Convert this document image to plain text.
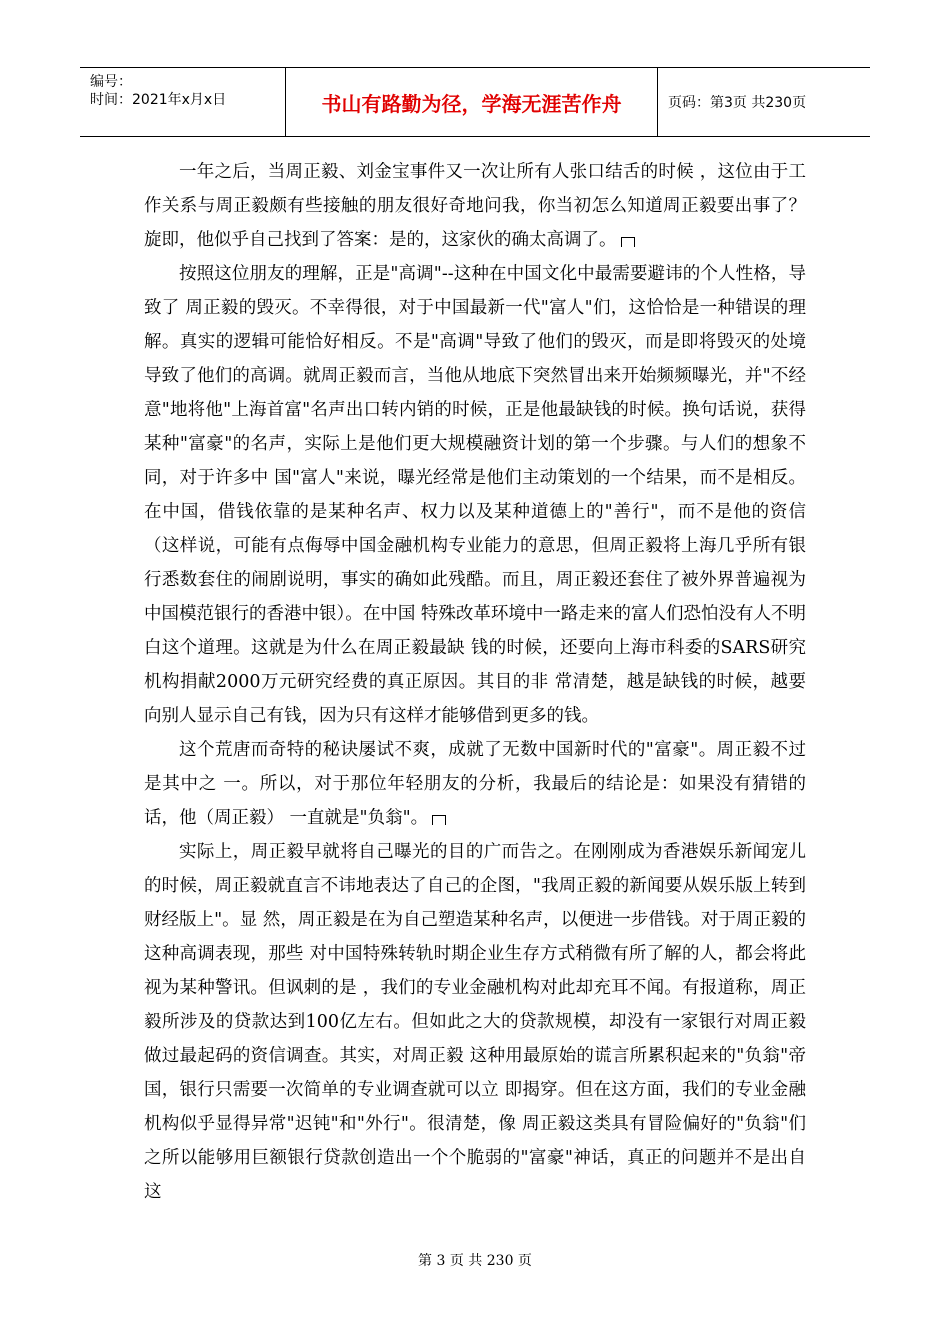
编号：
时间：2021年x月x日	书山有路勤为径，学海无涯苦作舟	页码：第3页 共230页

一年之后，当周正毅、刘金宝事件又一次让所有人张口结舌的时候 ，这位由于工作关系与周正毅颇有些接触的朋友很好奇地问我，你当初怎么知道周正毅要出事了？旋即，他似乎自己找到了答案：是的，这家伙的确太高调了。

按照这位朋友的理解，正是"高调"--这种在中国文化中最需要避讳的个人性格，导致了 周正毅的毁灭。不幸得很，对于中国最新一代"富人"们，这恰恰是一种错误的理解。真实的逻辑可能恰好相反。不是"高调"导致了他们的毁灭，而是即将毁灭的处境导致了他们的高调。就周正毅而言，当他从地底下突然冒出来开始频频曝光，并"不经意"地将他"上海首富"名声出口转内销的时候，正是他最缺钱的时候。换句话说，获得某种"富豪"的名声，实际上是他们更大规模融资计划的第一个步骤。与人们的想象不同，对于许多中 国"富人"来说，曝光经常是他们主动策划的一个结果，而不是相反。在中国，借钱依靠的是某种名声、权力以及某种道德上的"善行"，而不是他的资信（这样说，可能有点侮辱中国金融机构专业能力的意思，但周正毅将上海几乎所有银行悉数套住的闹剧说明，事实的确如此残酷。而且，周正毅还套住了被外界普遍视为中国模范银行的香港中银）。在中国 特殊改革环境中一路走来的富人们恐怕没有人不明白这个道理。这就是为什么在周正毅最缺 钱的时候，还要向上海市科委的SARS研究机构捐献2000万元研究经费的真正原因。其目的非 常清楚，越是缺钱的时候，越要向别人显示自己有钱，因为只有这样才能够借到更多的钱。

这个荒唐而奇特的秘诀屡试不爽，成就了无数中国新时代的"富豪"。周正毅不过是其中之 一。所以，对于那位年轻朋友的分析，我最后的结论是：如果没有猜错的话，他（周正毅） 一直就是"负翁"。

实际上，周正毅早就将自己曝光的目的广而告之。在刚刚成为香港娱乐新闻宠儿的时候，周正毅就直言不讳地表达了自己的企图，"我周正毅的新闻要从娱乐版上转到财经版上"。显 然，周正毅是在为自己塑造某种名声，以便进一步借钱。对于周正毅的这种高调表现，那些 对中国特殊转轨时期企业生存方式稍微有所了解的人，都会将此视为某种警讯。但讽刺的是 ，我们的专业金融机构对此却充耳不闻。有报道称，周正毅所涉及的贷款达到100亿左右。但如此之大的贷款规模，却没有一家银行对周正毅做过最起码的资信调查。其实，对周正毅 这种用最原始的谎言所累积起来的"负翁"帝国，银行只需要一次简单的专业调查就可以立 即揭穿。但在这方面，我们的专业金融机构似乎显得异常"迟钝"和"外行"。很清楚，像 周正毅这类具有冒险偏好的"负翁"们之所以能够用巨额银行贷款创造出一个个脆弱的"富豪"神话，真正的问题并不是出自这

第 3 页 共 230 页
